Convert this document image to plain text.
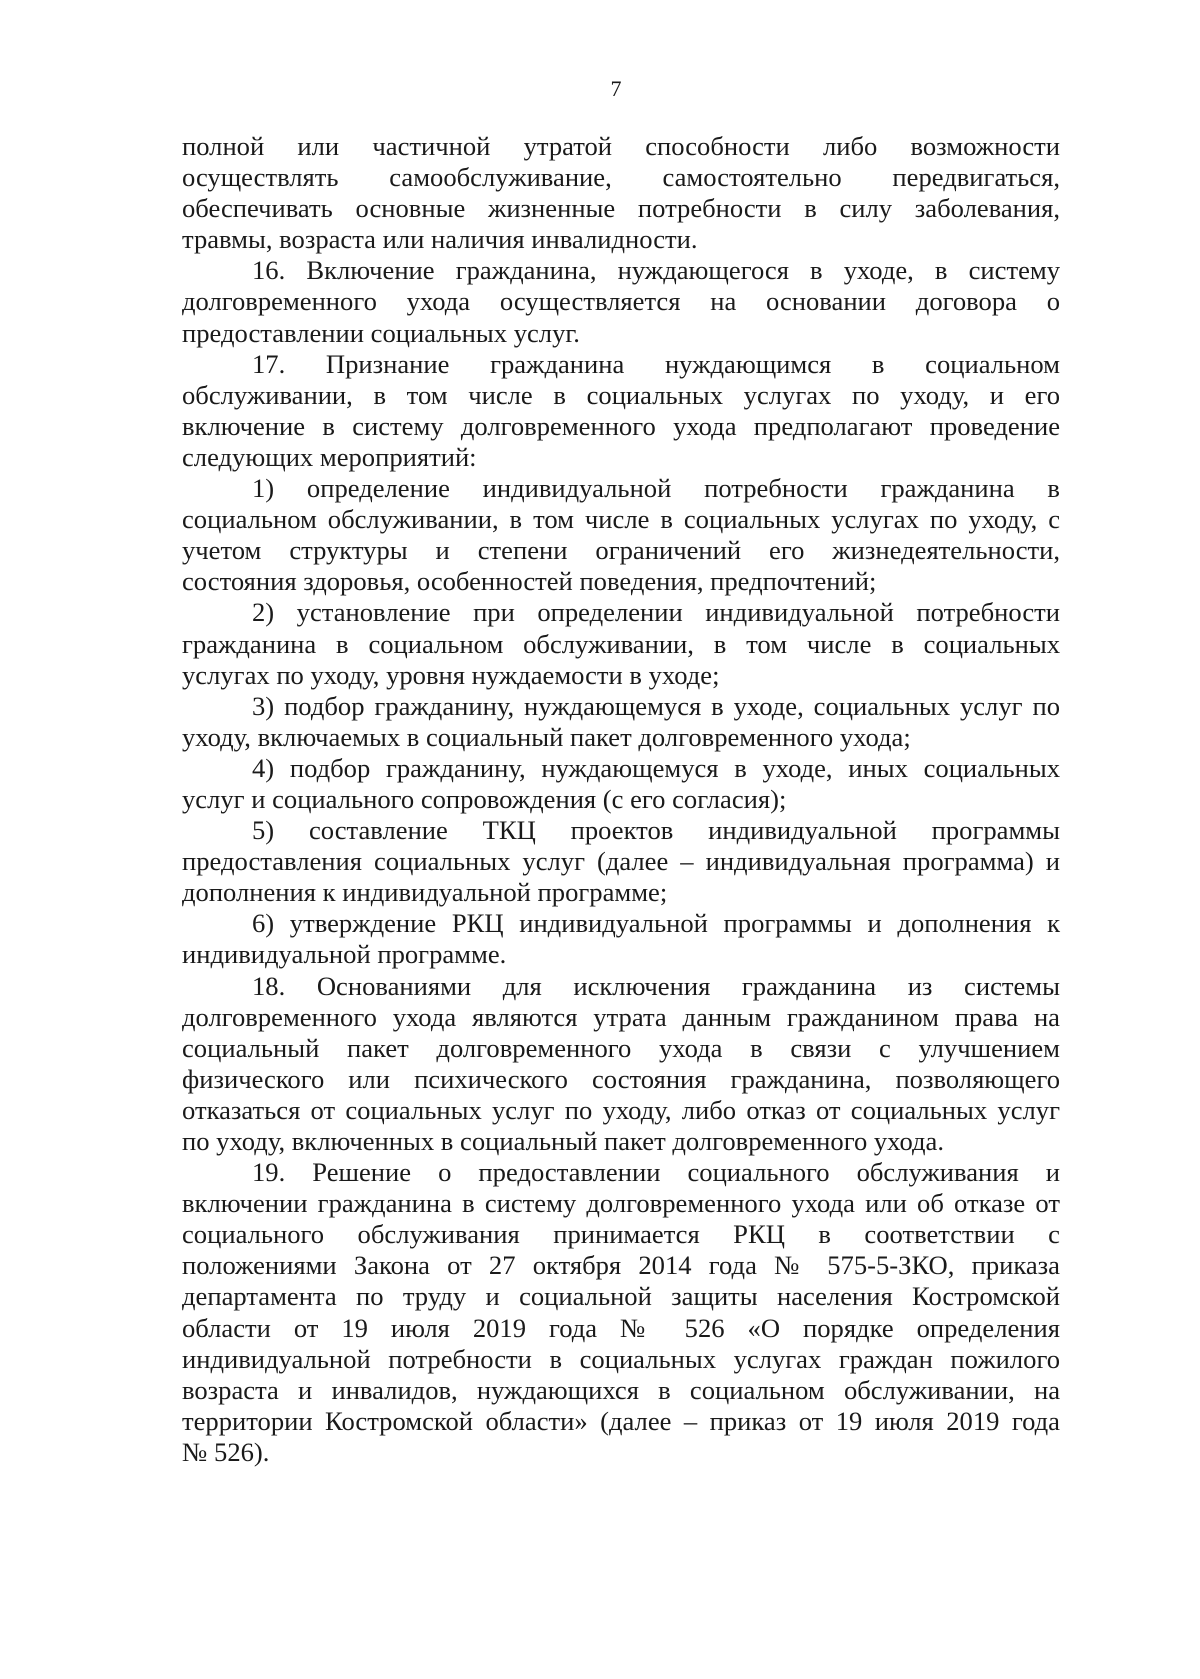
7
полной или частичной утратой способности либо возможности
осуществлять самообслуживание, самостоятельно передвигаться,
обеспечивать основные жизненные потребности в силу заболевания,
травмы, возраста или наличия инвалидности.
16. Включение гражданина, нуждающегося в уходе, в систему
долговременного ухода осуществляется на основании договора о
предоставлении социальных услуг.
17. Признание гражданина нуждающимся в социальном
обслуживании, в том числе в социальных услугах по уходу, и его
включение в систему долговременного ухода предполагают проведение
следующих мероприятий:
1) определение индивидуальной потребности гражданина в
социальном обслуживании, в том числе в социальных услугах по уходу, с
учетом структуры и степени ограничений его жизнедеятельности,
состояния здоровья, особенностей поведения, предпочтений;
2) установление при определении индивидуальной потребности
гражданина в социальном обслуживании, в том числе в социальных
услугах по уходу, уровня нуждаемости в уходе;
3) подбор гражданину, нуждающемуся в уходе, социальных услуг по
уходу, включаемых в социальный пакет долговременного ухода;
4) подбор гражданину, нуждающемуся в уходе, иных социальных
услуг и социального сопровождения (с его согласия);
5) составление ТКЦ проектов индивидуальной программы
предоставления социальных услуг (далее – индивидуальная программа) и
дополнения к индивидуальной программе;
6) утверждение РКЦ индивидуальной программы и дополнения к
индивидуальной программе.
18. Основаниями для исключения гражданина из системы
долговременного ухода являются утрата данным гражданином права на
социальный пакет долговременного ухода в связи с улучшением
физического или психического состояния гражданина, позволяющего
отказаться от социальных услуг по уходу, либо отказ от социальных услуг
по уходу, включенных в социальный пакет долговременного ухода.
19. Решение о предоставлении социального обслуживания и
включении гражданина в систему долговременного ухода или об отказе от
социального обслуживания принимается РКЦ в соответствии с
положениями Закона от 27 октября 2014 года № 575-5-ЗКО, приказа
департамента по труду и социальной защиты населения Костромской
области от 19 июля 2019 года № 526 «О порядке определения
индивидуальной потребности в социальных услугах граждан пожилого
возраста и инвалидов, нуждающихся в социальном обслуживании, на
территории Костромской области» (далее – приказ от 19 июля 2019 года
№ 526).
